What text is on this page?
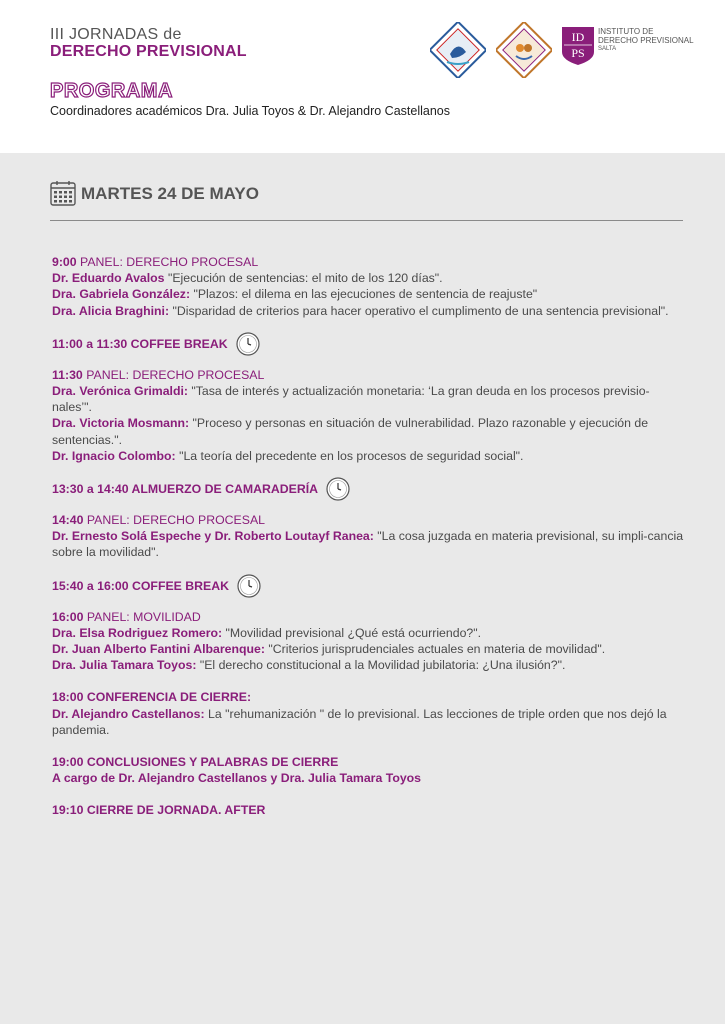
III JORNADAS de
DERECHO PREVISIONAL
PROGRAMA
Coordinadores académicos Dra. Julia Toyos & Dr. Alejandro Castellanos
ID
PS
INSTITUTO DE
DERECHO PREVISIONAL
SALTA
MARTES 24 DE MAYO
9:00 PANEL: DERECHO PROCESAL
Dr. Eduardo Avalos "Ejecución de sentencias: el mito de los 120 días".
Dra. Gabriela González: "Plazos: el dilema en las ejecuciones de sentencia de reajuste"
Dra. Alicia Braghini: "Disparidad de criterios para hacer operativo el cumplimento de una sentencia previsional".
11:00 a 11:30 COFFEE BREAK
11:30 PANEL: DERECHO PROCESAL
Dra. Verónica Grimaldi: "Tasa de interés y actualización monetaria: ‘La gran deuda en los procesos previsio-nales’".
Dra. Victoria Mosmann: "Proceso y personas en situación de vulnerabilidad. Plazo razonable y ejecución de sentencias.".
Dr. Ignacio Colombo: "La teoría del precedente en los procesos de seguridad social".
13:30 a 14:40 ALMUERZO DE CAMARADERÍA
14:40 PANEL: DERECHO PROCESAL
Dr. Ernesto Solá Espeche y Dr. Roberto Loutayf Ranea: "La cosa juzgada en materia previsional, su impli-cancia sobre la movilidad".
15:40 a 16:00 COFFEE BREAK
16:00 PANEL: MOVILIDAD
Dra. Elsa Rodriguez Romero: "Movilidad previsional ¿Qué está ocurriendo?".
Dr. Juan Alberto Fantini Albarenque: "Criterios jurisprudenciales actuales en materia de movilidad".
Dra. Julia Tamara Toyos: "El derecho constitucional a la Movilidad jubilatoria: ¿Una ilusión?".
18:00 CONFERENCIA DE CIERRE:
Dr. Alejandro Castellanos: La "rehumanización " de lo previsional. Las lecciones de triple orden que nos dejó la pandemia.
19:00 CONCLUSIONES Y PALABRAS DE CIERRE
A cargo de Dr. Alejandro Castellanos y Dra. Julia Tamara Toyos
19:10 CIERRE DE JORNADA. AFTER
